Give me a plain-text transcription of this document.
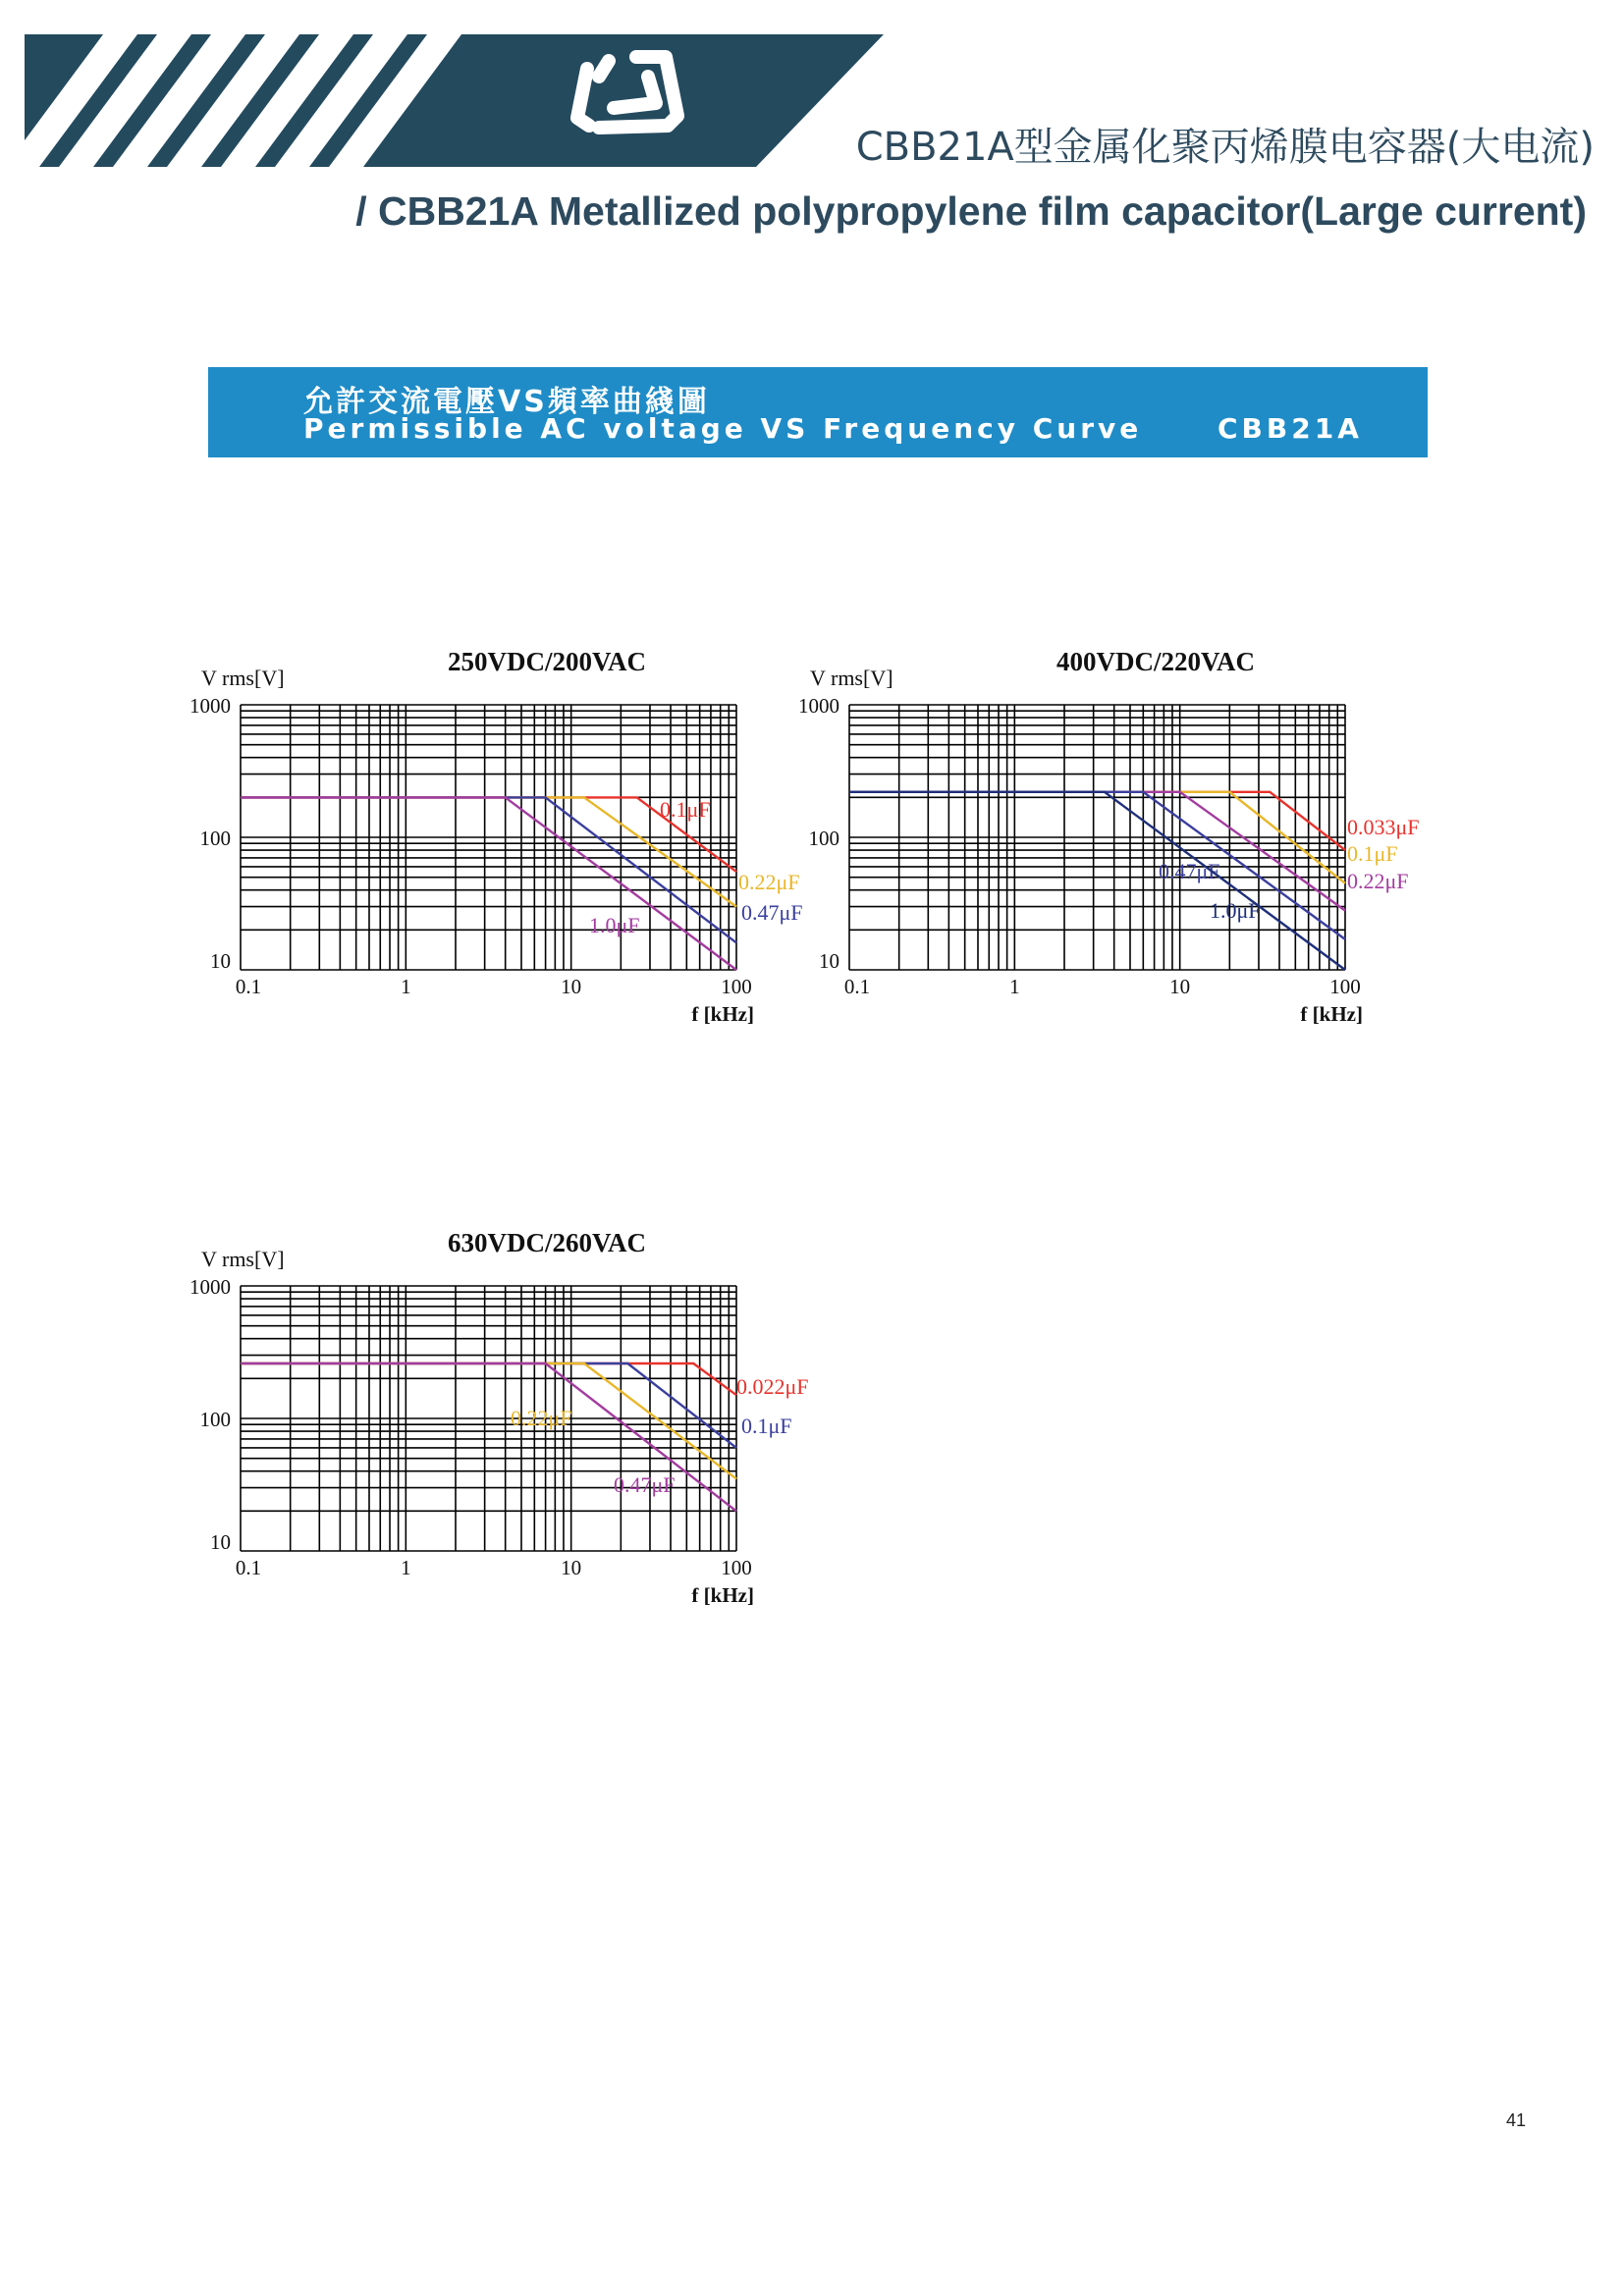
CBB21A型金属化聚丙烯膜电容器(大电流)
/ CBB21A Metallized polypropylene film capacitor(Large current)
允許交流電壓VS頻率曲綫圖
Permissible AC voltage VS Frequency Curve	CBB21A
250VDC/200VAC
V rms[V]
f [kHz]
0.1	1	10	100
10
100
1000
0.1μF
0.22μF
0.47μF
1.0μF
400VDC/220VAC
V rms[V]
f [kHz]
0.1	1	10	100
10
100
1000
0.033μF
0.1μF
0.22μF
0.47μF
1.0μF
630VDC/260VAC
V rms[V]
f [kHz]
0.1	1	10	100
10
100
1000
0.022μF
0.1μF
0.22μF
0.47μF
41
